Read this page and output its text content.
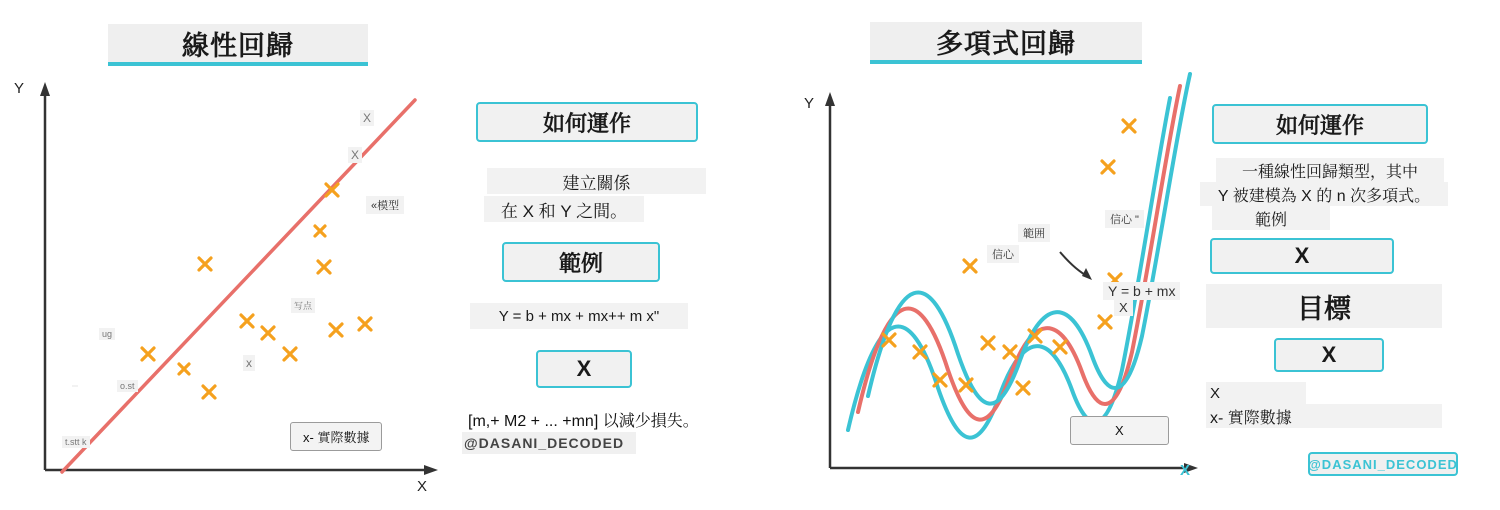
線性回歸
Y
X
X
X
«模型
写点
ug
x
o.st
t.stt k
如何運作
建立關係
在 X 和 Y 之間。
範例
Y = b + mx + mx++ m x"
X
[m,+ M2 + ... +mn] 以減少損失。
@DASANI_DECODED
x- 實際數據
多項式回歸
Y
X
信心
範囲
信心 "
Y = b + mx
X
X
如何運作
一種線性回歸類型，其中
Y 被建模為 X 的 n 次多項式。
範例
X
目標
X
X
x- 實際數據
@DASANI_DECODED
